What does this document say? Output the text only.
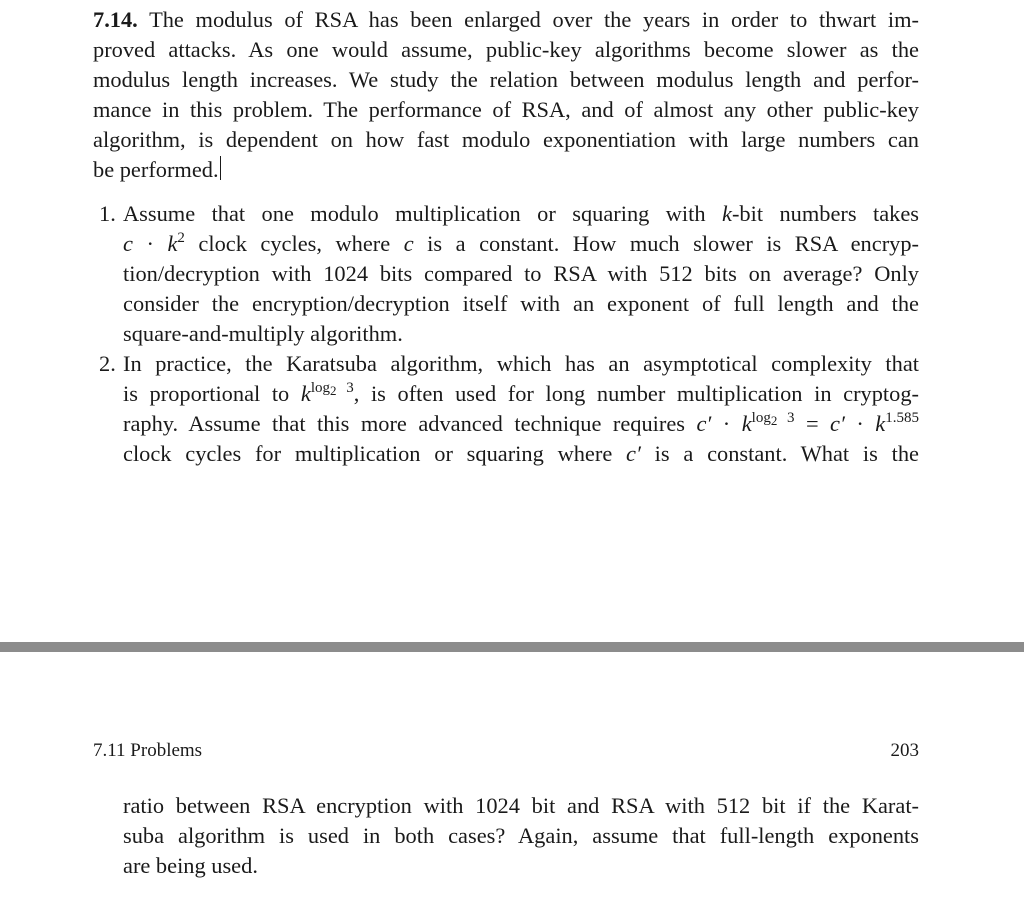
7.14. The modulus of RSA has been enlarged over the years in order to thwart im-
proved attacks. As one would assume, public-key algorithms become slower as the
modulus length increases. We study the relation between modulus length and perfor-
mance in this problem. The performance of RSA, and of almost any other public-key
algorithm, is dependent on how fast modulo exponentiation with large numbers can
be performed.
1. Assume that one modulo multiplication or squaring with k-bit numbers takes
$c \cdot k^2$ clock cycles, where c is a constant. How much slower is RSA encryp-
tion/decryption with 1024 bits compared to RSA with 512 bits on average? Only
consider the encryption/decryption itself with an exponent of full length and the
square-and-multiply algorithm.
2. In practice, the Karatsuba algorithm, which has an asymptotical complexity that
is proportional to $k^{log_2 3}$, is often used for long number multiplication in cryptog-
raphy. Assume that this more advanced technique requires $c' \cdot k^{log_2 3} = c' \cdot k^{1.585}$
clock cycles for multiplication or squaring where c′ is a constant. What is the
7.11 Problems	203
ratio between RSA encryption with 1024 bit and RSA with 512 bit if the Karat-
suba algorithm is used in both cases? Again, assume that full-length exponents
are being used.
